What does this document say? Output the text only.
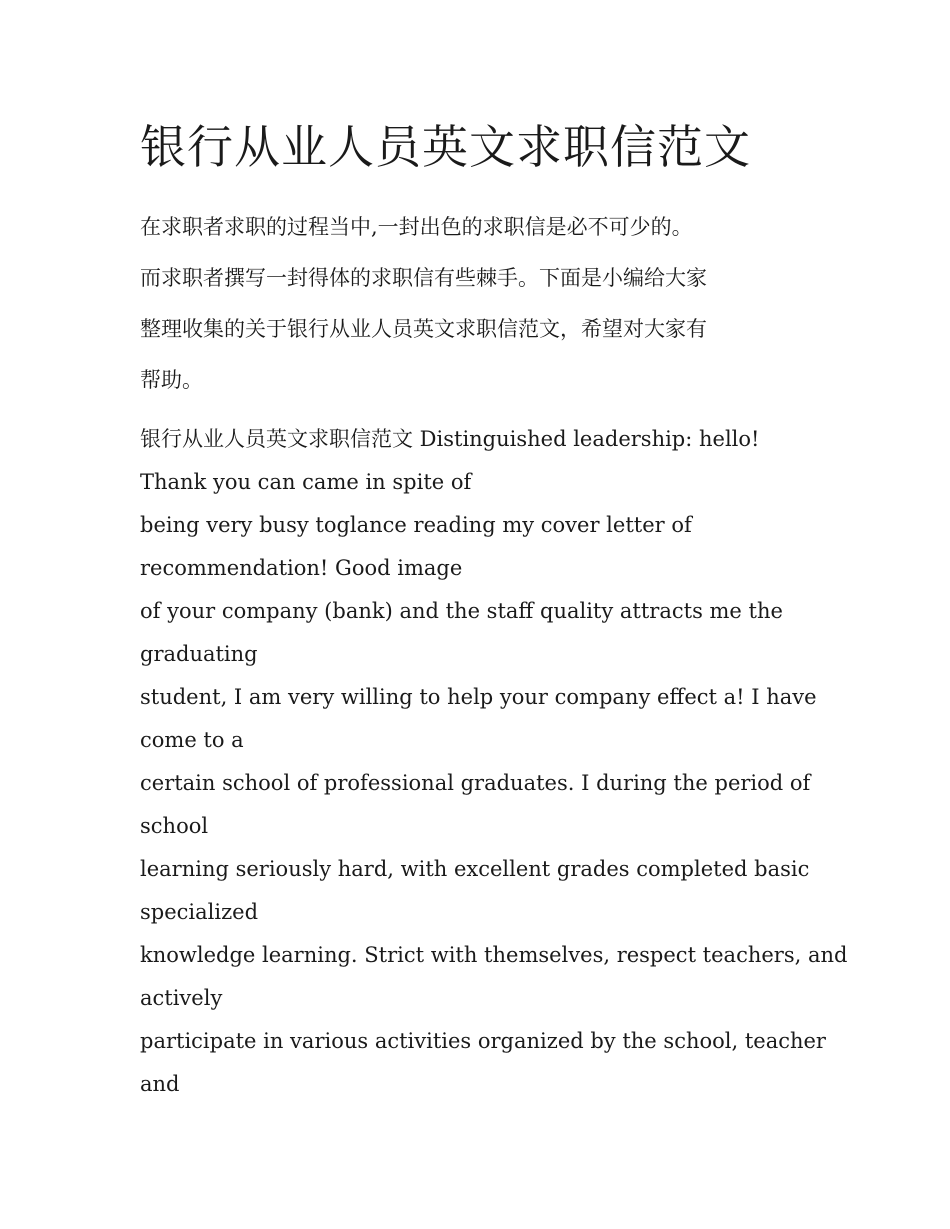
银行从业人员英文求职信范文
在求职者求职的过程当中,一封出色的求职信是必不可少的。
而求职者撰写一封得体的求职信有些棘手。下面是小编给大家
整理收集的关于银行从业人员英文求职信范文，希望对大家有
帮助。
银行从业人员英文求职信范文 Distinguished leadership: hello!
Thank you can came in spite of
being very busy toglance reading my cover letter of
recommendation! Good image
of your company (bank) and the staff quality attracts me the
graduating
student, I am very willing to help your company effect a! I have
come to a
certain school of professional graduates. I during the period of
school
learning seriously hard, with excellent grades completed basic
specialized
knowledge learning. Strict with themselves, respect teachers, and
actively
participate in various activities organized by the school, teacher
and
